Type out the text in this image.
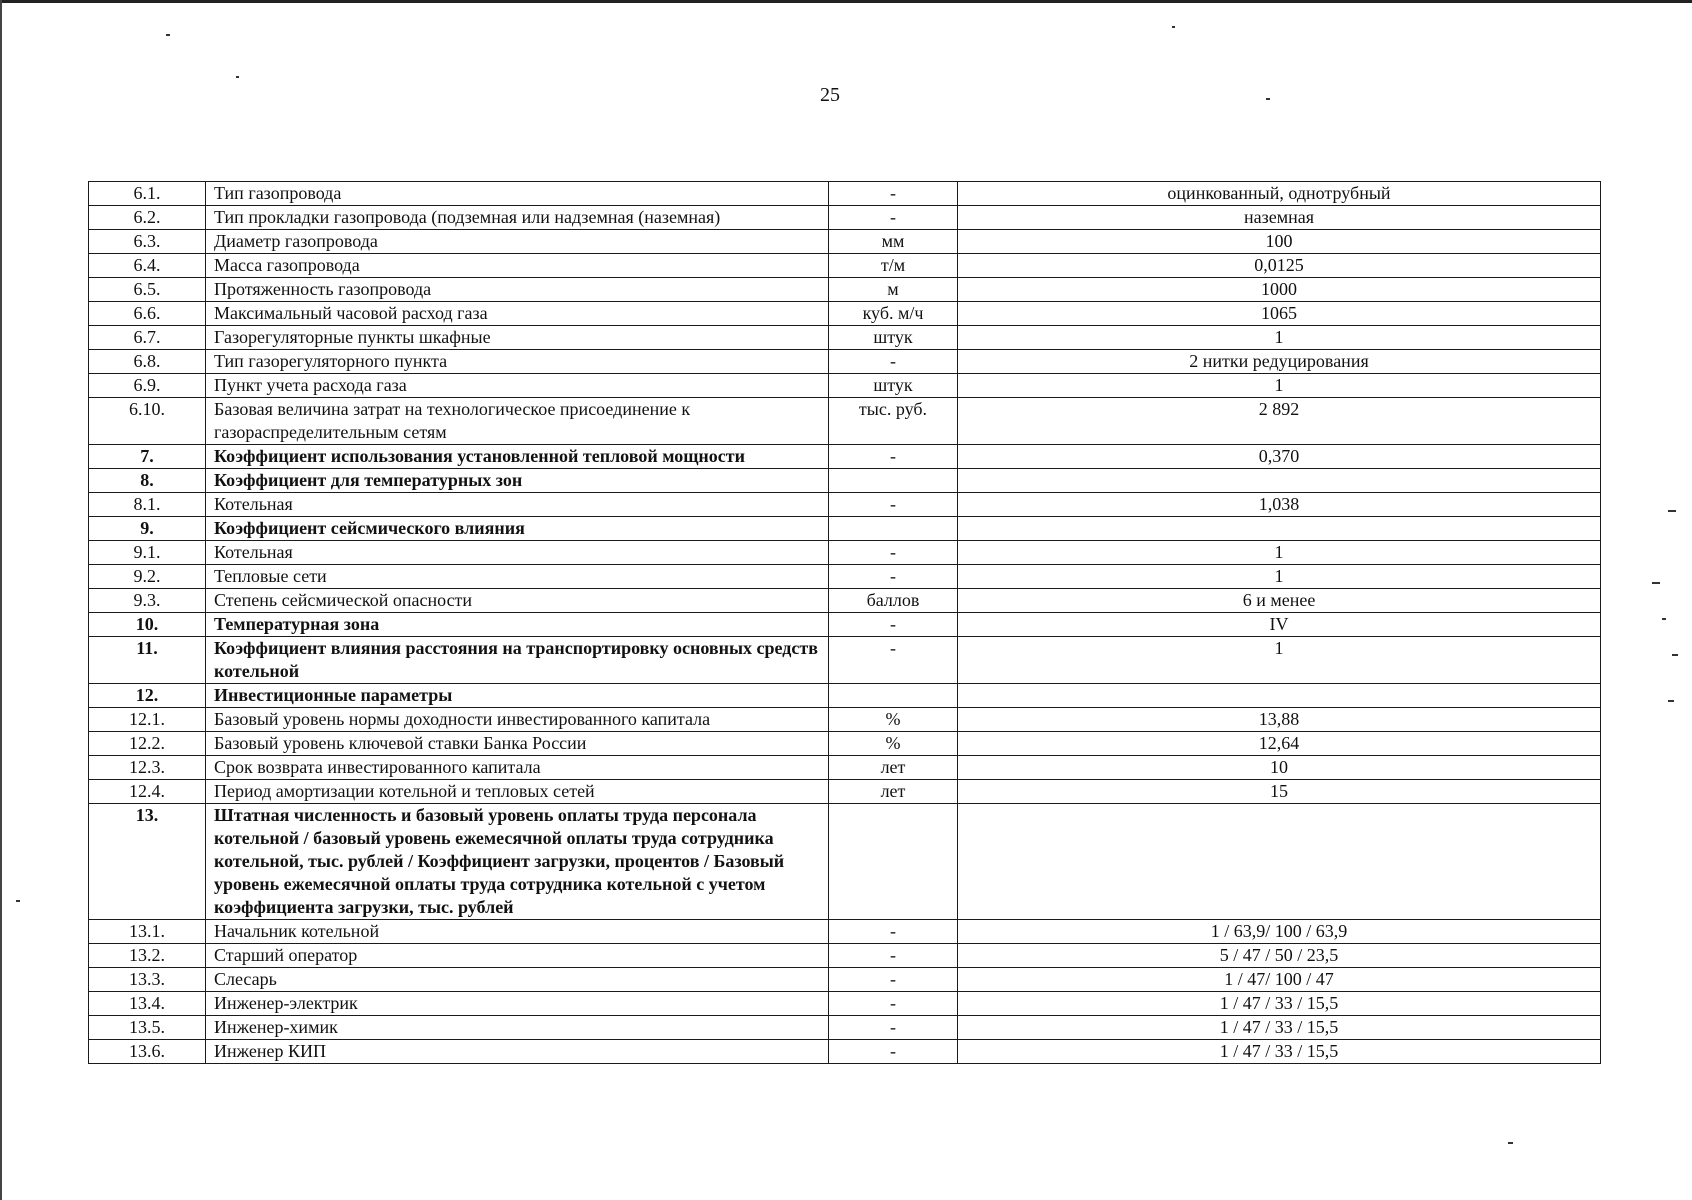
25
6.1.	Тип газопровода	-	оцинкованный, однотрубный
6.2.	Тип прокладки газопровода (подземная или надземная (наземная)	-	наземная
6.3.	Диаметр газопровода	мм	100
6.4.	Масса газопровода	т/м	0,0125
6.5.	Протяженность газопровода	м	1000
6.6.	Максимальный часовой расход газа	куб. м/ч	1065
6.7.	Газорегуляторные пункты шкафные	штук	1
6.8.	Тип газорегуляторного пункта	-	2 нитки редуцирования
6.9.	Пункт учета расхода газа	штук	1
6.10.	Базовая величина затрат на технологическое присоединение к газораспределительным сетям	тыс. руб.	2 892
7.	Коэффициент использования установленной тепловой мощности	-	0,370
8.	Коэффициент для температурных зон		
8.1.	Котельная	-	1,038
9.	Коэффициент сейсмического влияния		
9.1.	Котельная	-	1
9.2.	Тепловые сети	-	1
9.3.	Степень сейсмической опасности	баллов	6 и менее
10.	Температурная зона	-	IV
11.	Коэффициент влияния расстояния на транспортировку основных средств котельной	-	1
12.	Инвестиционные параметры		
12.1.	Базовый уровень нормы доходности инвестированного капитала	%	13,88
12.2.	Базовый уровень ключевой ставки Банка России	%	12,64
12.3.	Срок возврата инвестированного капитала	лет	10
12.4.	Период амортизации котельной и тепловых сетей	лет	15
13.	Штатная численность и базовый уровень оплаты труда персонала котельной / базовый уровень ежемесячной оплаты труда сотрудника котельной, тыс. рублей / Коэффициент загрузки, процентов / Базовый уровень ежемесячной оплаты труда сотрудника котельной с учетом коэффициента загрузки, тыс. рублей		
13.1.	Начальник котельной	-	1 / 63,9/ 100 / 63,9
13.2.	Старший оператор	-	5 / 47 / 50 / 23,5
13.3.	Слесарь	-	1 / 47/ 100 / 47
13.4.	Инженер-электрик	-	1 / 47 / 33 / 15,5
13.5.	Инженер-химик	-	1 / 47 / 33 / 15,5
13.6.	Инженер КИП	-	1 / 47 / 33 / 15,5
